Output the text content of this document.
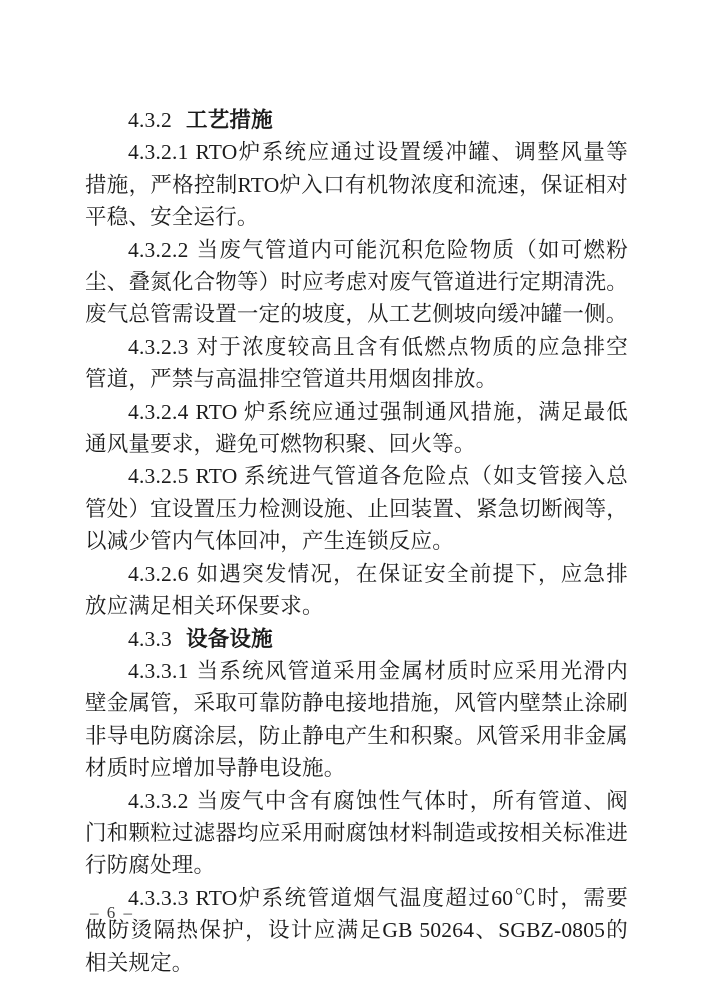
4.3.2 工艺措施

4.3.2.1 RTO炉系统应通过设置缓冲罐、调整风量等措施，严格控制RTO炉入口有机物浓度和流速，保证相对平稳、安全运行。

4.3.2.2 当废气管道内可能沉积危险物质（如可燃粉尘、叠氮化合物等）时应考虑对废气管道进行定期清洗。废气总管需设置一定的坡度，从工艺侧坡向缓冲罐一侧。

4.3.2.3 对于浓度较高且含有低燃点物质的应急排空管道，严禁与高温排空管道共用烟囱排放。

4.3.2.4 RTO 炉系统应通过强制通风措施，满足最低通风量要求，避免可燃物积聚、回火等。

4.3.2.5 RTO 系统进气管道各危险点（如支管接入总管处）宜设置压力检测设施、止回装置、紧急切断阀等，以减少管内气体回冲，产生连锁反应。

4.3.2.6 如遇突发情况，在保证安全前提下，应急排放应满足相关环保要求。

4.3.3 设备设施

4.3.3.1 当系统风管道采用金属材质时应采用光滑内壁金属管，采取可靠防静电接地措施，风管内壁禁止涂刷非导电防腐涂层，防止静电产生和积聚。风管采用非金属材质时应增加导静电设施。

4.3.3.2 当废气中含有腐蚀性气体时，所有管道、阀门和颗粒过滤器均应采用耐腐蚀材料制造或按相关标准进行防腐处理。

4.3.3.3 RTO炉系统管道烟气温度超过60℃时，需要做防烫隔热保护，设计应满足GB 50264、SGBZ-0805的相关规定。

– 6 –
